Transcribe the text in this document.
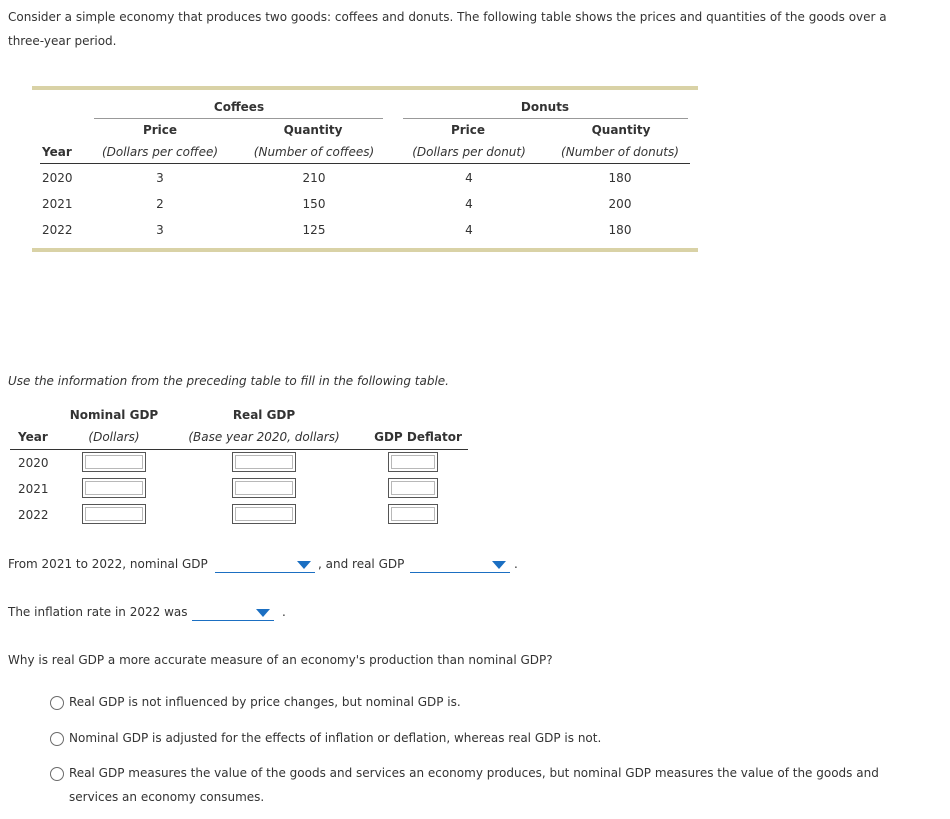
Consider a simple economy that produces two goods: coffees and donuts. The following table shows the prices and quantities of the goods over a
three-year period.
Coffees	Donuts
Price	Quantity	Price	Quantity
Year	(Dollars per coffee)	(Number of coffees)	(Dollars per donut)	(Number of donuts)
2020	3	210	4	180
2021	2	150	4	200
2022	3	125	4	180
Use the information from the preceding table to fill in the following table.
Nominal GDP	Real GDP
Year	(Dollars)	(Base year 2020, dollars)	GDP Deflator
2020
2021
2022
From 2021 to 2022, nominal GDP	, and real GDP	.
The inflation rate in 2022 was	.
Why is real GDP a more accurate measure of an economy's production than nominal GDP?
Real GDP is not influenced by price changes, but nominal GDP is.
Nominal GDP is adjusted for the effects of inflation or deflation, whereas real GDP is not.
Real GDP measures the value of the goods and services an economy produces, but nominal GDP measures the value of the goods and
services an economy consumes.
